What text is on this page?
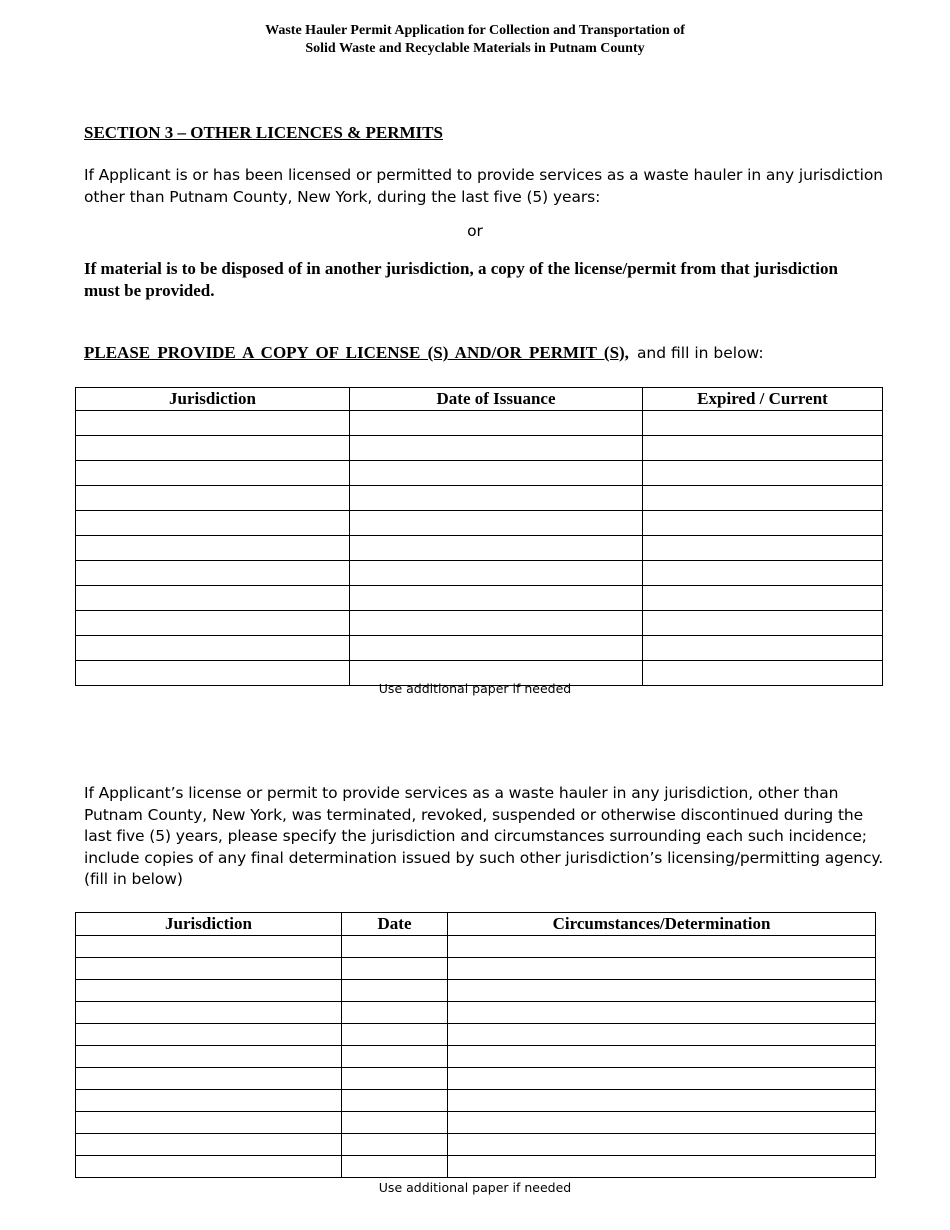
Waste Hauler Permit Application for Collection and Transportation of
Solid Waste and Recyclable Materials in Putnam County
SECTION 3 – OTHER LICENCES & PERMITS
If Applicant is or has been licensed or permitted to provide services as a waste hauler in any jurisdiction other than Putnam County, New York, during the last five (5) years:
or
If material is to be disposed of in another jurisdiction, a copy of the license/permit from that jurisdiction must be provided.
PLEASE PROVIDE A COPY OF LICENSE (S) AND/OR PERMIT (S), and fill in below:
Jurisdiction	Date of Issuance	Expired / Current

Use additional paper if needed
If Applicant’s license or permit to provide services as a waste hauler in any jurisdiction, other than Putnam County, New York, was terminated, revoked, suspended or otherwise discontinued during the last five (5) years, please specify the jurisdiction and circumstances surrounding each such incidence; include copies of any final determination issued by such other jurisdiction’s licensing/permitting agency. (fill in below)
Jurisdiction	Date	Circumstances/Determination

Use additional paper if needed
